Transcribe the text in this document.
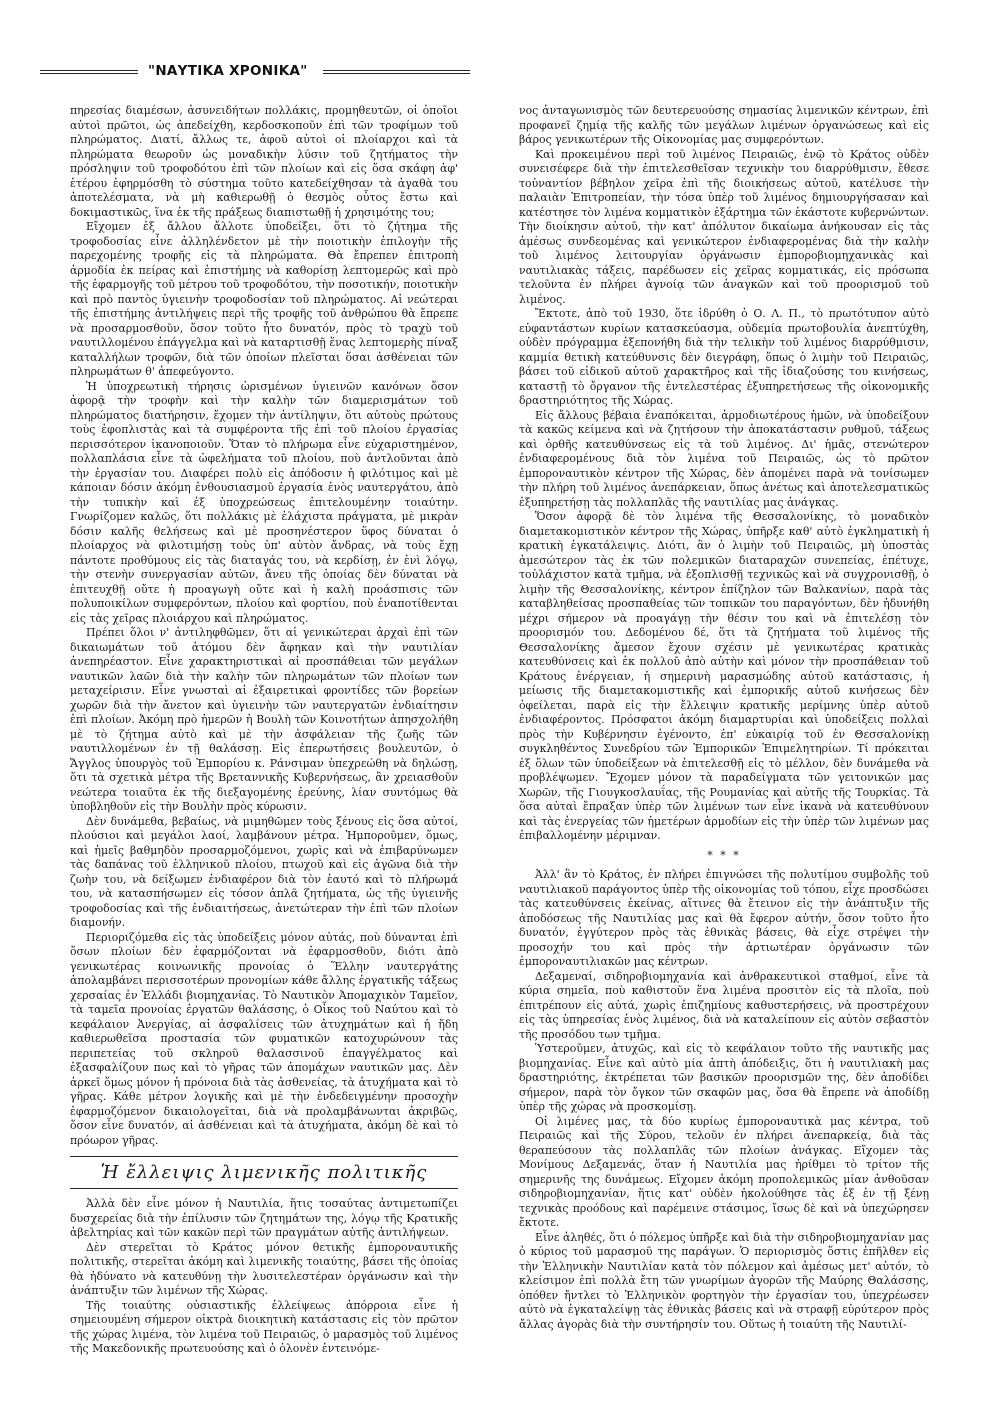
"ΝΑΥΤΙΚΑ ΧΡΟΝΙΚΑ"

πηρεσίας διαμέσων, ἀσυνειδήτων πολλάκις, προμηθευτῶν, οἱ ὁποῖοι αὐτοὶ πρῶτοι, ὡς ἀπεδείχθη, κερδοσκοποῦν ἐπὶ τῶν τροφίμων τοῦ πληρώματος. Διατί, ἄλλως τε, ἀφοῦ αὐτοὶ οἱ πλοίαρχοι καὶ τὰ πληρώματα θεωροῦν ὡς μοναδικὴν λύσιν τοῦ ζητήματος τὴν πρόσληψιν τοῦ τροφοδότου ἐπὶ τῶν πλοίων καὶ εἰς ὅσα σκάφη ἀφ' ἑτέρου ἐφηρμόσθη τὸ σύστημα τοῦτο κατεδείχθησαν τὰ ἀγαθὰ του ἀποτελέσματα, νὰ μὴ καθιερωθῇ ὁ θεσμὸς οὗτος ἔστω καὶ δοκιμαστικῶς, ἵνα ἐκ τῆς πράξεως διαπιστωθῇ ἡ χρησιμότης του;

Εἴχομεν ἐξ ἄλλου ἄλλοτε ὑποδείξει, ὅτι τὸ ζήτημα τῆς τροφοδοσίας εἶνε ἀλληλένδετον μὲ τὴν ποιοτικὴν ἐπιλογὴν τῆς παρεχομένης τροφῆς εἰς τὰ πληρώματα. Θὰ ἔπρεπεν ἐπιτροπὴ ἁρμοδία ἐκ πείρας καὶ ἐπιστήμης νὰ καθορίσῃ λεπτομερῶς καὶ πρὸ τῆς ἐφαρμογῆς τοῦ μέτρου τοῦ τροφοδότου, τὴν ποσοτικήν, ποιοτικὴν καὶ πρὸ παντὸς ὑγιεινὴν τροφοδοσίαν τοῦ πληρώματος. Αἱ νεώτεραι τῆς ἐπιστήμης ἀντιλήψεις περὶ τῆς τροφῆς τοῦ ἀνθρώπου θὰ ἔπρεπε νὰ προσαρμοσθοῦν, ὅσον τοῦτο ἦτο δυνατόν, πρὸς τὸ τραχὺ τοῦ ναυτιλλομένου ἐπάγγελμα καὶ νὰ καταρτισθῇ ἕνας λεπτομερὴς πίναξ καταλλήλων τροφῶν, διὰ τῶν ὁποίων πλεῖσται ὅσαι ἀσθένειαι τῶν πληρωμάτων θ' ἀπεφεύγοντο.

Ἡ ὑποχρεωτικὴ τήρησις ὡρισμένων ὑγιεινῶν κανόνων ὅσον ἀφορᾷ τὴν τροφὴν καὶ τὴν καλὴν τῶν διαμερισμάτων τοῦ πληρώματος διατήρησιν, ἔχομεν τὴν ἀντίληψιν, ὅτι αὐτοὺς πρώτους τοὺς ἐφοπλιστὰς καὶ τὰ συμφέροντα τῆς ἐπὶ τοῦ πλοίου ἐργασίας περισσότερον ἱκανοποιοῦν. Ὅταν τὸ πλήρωμα εἶνε εὐχαριστημένον, πολλαπλάσια εἶνε τὰ ὠφελήματα τοῦ πλοίου, ποὺ ἀντλοῦνται ἀπὸ τὴν ἐργασίαν του. Διαφέρει πολὺ εἰς ἀπόδοσιν ἡ φιλότιμος καὶ μὲ κάποιαν δόσιν ἀκόμη ἐνθουσιασμοῦ ἐργασία ἑνὸς ναυτεργάτου, ἀπὸ τὴν τυπικὴν καὶ ἐξ ὑποχρεώσεως ἐπιτελουμένην τοιαύτην. Γνωρίζομεν καλῶς, ὅτι πολλάκις μὲ ἐλάχιστα πράγματα, μὲ μικρὰν δόσιν καλῆς θελήσεως καὶ μὲ προσηνέστερον ὕφος δύναται ὁ πλοίαρχος νὰ φιλοτιμήσῃ τοὺς ὑπ' αὐτὸν ἄνδρας, νὰ τοὺς ἔχῃ πάντοτε προθύμους εἰς τὰς διαταγάς του, νὰ κερδίσῃ, ἐν ἑνὶ λόγῳ, τὴν στενὴν συνεργασίαν αὐτῶν, ἄνευ τῆς ὁποίας δὲν δύναται νὰ ἐπιτευχθῇ οὔτε ἡ προαγωγὴ οὔτε καὶ ἡ καλὴ προάσπισις τῶν πολυποικίλων συμφερόντων, πλοίου καὶ φορτίου, ποὺ ἐναποτίθενται εἰς τὰς χεῖρας πλοιάρχου καὶ πληρώματος.

Πρέπει ὅλοι ν' ἀντιληφθῶμεν, ὅτι αἱ γενικώτεραι ἀρχαὶ ἐπὶ τῶν δικαιωμάτων τοῦ ἀτόμου δὲν ἄφηκαν καὶ τὴν ναυτιλίαν ἀνεπηρέαστον. Εἶνε χαρακτηριστικαὶ αἱ προσπάθειαι τῶν μεγάλων ναυτικῶν λαῶν διὰ τὴν καλὴν τῶν πληρωμάτων τῶν πλοίων των μεταχείρισιν. Εἶνε γνωσταὶ αἱ ἐξαιρετικαὶ φροντίδες τῶν βορείων χωρῶν διὰ τὴν ἄνετον καὶ ὑγιεινὴν τῶν ναυτεργατῶν ἐνδιαίτησιν ἐπὶ πλοίων. Ἀκόμη πρὸ ἡμερῶν ἡ Βουλὴ τῶν Κοινοτήτων ἀπησχολήθη μὲ τὸ ζήτημα αὐτὸ καὶ μὲ τὴν ἀσφάλειαν τῆς ζωῆς τῶν ναυτιλλομένων ἐν τῇ θαλάσσῃ. Εἰς ἐπερωτήσεις βουλευτῶν, ὁ Ἄγγλος ὑπουργὸς τοῦ Ἐμπορίου κ. Ράνσιμαν ὑπεχρεώθη νὰ δηλώσῃ, ὅτι τὰ σχετικὰ μέτρα τῆς Βρεταννικῆς Κυβερνήσεως, ἂν χρειασθοῦν νεώτερα τοιαῦτα ἐκ τῆς διεξαγομένης ἐρεύνης, λίαν συντόμως θὰ ὑποβληθοῦν εἰς τὴν Βουλὴν πρὸς κύρωσιν.

Δὲν δυνάμεθα, βεβαίως, νὰ μιμηθῶμεν τοὺς ξένους εἰς ὅσα αὐτοί, πλούσιοι καὶ μεγάλοι λαοί, λαμβάνουν μέτρα. Ἠμποροῦμεν, ὅμως, καὶ ἡμεῖς βαθμηδὸν προσαρμοζόμενοι, χωρὶς καὶ νὰ ἐπιβαρύνωμεν τὰς δαπάνας τοῦ ἑλληνικοῦ πλοίου, πτωχοῦ καὶ εἰς ἀγῶνα διὰ τὴν ζωὴν του, νὰ δείξωμεν ἐνδιαφέρον διὰ τὸν ἑαυτό καὶ τὸ πλήρωμά του, νὰ κατασπήσωμεν εἰς τόσον ἁπλᾶ ζητήματα, ὡς τῆς ὑγιεινῆς τροφοδοσίας καὶ τῆς ἐνδιαιτήσεως, ἀνετώτεραν τὴν ἐπὶ τῶν πλοίων διαμονήν.

Περιοριζόμεθα εἰς τὰς ὑποδείξεις μόνον αὐτάς, ποὺ δύνανται ἐπὶ ὅσων πλοίων δὲν ἐφαρμόζονται νὰ ἐφαρμοσθοῦν, διότι ἀπὸ γενικωτέρας κοινωνικῆς προνοίας ὁ Ἕλλην ναυτεργάτης ἀπολαμβάνει περισσοτέρων προνομίων κάθε ἄλλης ἐργατικῆς τάξεως χερσαίας ἐν Ἑλλάδι βιομηχανίας. Τὸ Ναυτικὸν Ἀπομαχικὸν Ταμεῖον, τὰ ταμεῖα προνοίας ἐργατῶν θαλάσσης, ὁ Οἶκος τοῦ Ναύτου καὶ τὸ κεφάλαιον Ἀνεργίας, αἱ ἀσφαλίσεις τῶν ἀτυχημάτων καὶ ἡ ἤδη καθιερωθεῖσα προστασία τῶν φυματικῶν κατοχυρώνουν τὰς περιπετείας τοῦ σκληροῦ θαλασσινοῦ ἐπαγγέλματος καὶ ἐξασφαλίζουν πως καὶ τὸ γῆρας τῶν ἀπομάχων ναυτικῶν μας. Δὲν ἀρκεῖ ὅμως μόνον ἡ πρόνοια διὰ τὰς ἀσθενείας, τὰ ἀτυχήματα καὶ τὸ γῆρας. Κάθε μέτρον λογικῆς καὶ μὲ τὴν ἐνδεδειγμένην προσοχὴν ἐφαρμοζόμενον δικαιολογεῖται, διὰ νὰ προλαμβάνωνται ἀκριβῶς, ὅσον εἶνε δυνατόν, αἱ ἀσθένειαι καὶ τὰ ἀτυχήματα, ἀκόμη δὲ καὶ τὸ πρόωρον γῆρας.

Ἡ ἔλλειψις λιμενικῆς πολιτικῆς

Ἀλλὰ δὲν εἶνε μόνον ἡ Ναυτιλία, ἥτις τοσαύτας ἀντιμετωπίζει δυσχερείας διὰ τὴν ἐπίλυσιν τῶν ζητημάτων της, λόγῳ τῆς Κρατικῆς ἀβελτηρίας καὶ τῶν κακῶν περὶ τῶν πραγμάτων αὐτῆς ἀντιλήψεων.

Δὲν στερεῖται τὸ Κράτος μόνον θετικῆς ἐμποροναυτικῆς πολιτικῆς, στερεῖται ἀκόμη καὶ λιμενικῆς τοιαύτης, βάσει τῆς ὁποίας θὰ ἠδύνατο νὰ κατευθύνῃ τὴν λυσιτελεστέραν ὀργάνωσιν καὶ τὴν ἀνάπτυξιν τῶν λιμένων τῆς Χώρας.

Τῆς τοιαύτης οὐσιαστικῆς ἐλλείψεως ἀπόρροια εἶνε ἡ σημειουμένη σήμερον οἰκτρὰ διοικητικὴ κατάστασις εἰς τὸν πρῶτον τῆς χώρας λιμένα, τὸν λιμένα τοῦ Πειραιῶς, ὁ μαρασμὸς τοῦ λιμένος τῆς Μακεδονικῆς πρωτευούσης καὶ ὁ ὁλονὲν ἐντεινόμε-

νος ἀνταγωνισμὸς τῶν δευτερευούσης σημασίας λιμενικῶν κέντρων, ἐπὶ προφανεῖ ζημίᾳ τῆς καλῆς τῶν μεγάλων λιμένων ὀργανώσεως καὶ εἰς βάρος γενικωτέρων τῆς Οἰκονομίας μας συμφερόντων.

Καὶ προκειμένου περὶ τοῦ λιμένος Πειραιῶς, ἐνῷ τὸ Κράτος οὐδὲν συνεισέφερε διὰ τὴν ἐπιτελεσθεῖσαν τεχνικὴν του διαρρύθμισιν, ἔθεσε τοὐναντίον βέβηλον χεῖρα ἐπὶ τῆς διοικήσεως αὐτοῦ, κατέλυσε τὴν παλαιὰν Ἐπιτροπείαν, τὴν τόσα ὑπὲρ τοῦ λιμένος δημιουργήσασαν καὶ κατέστησε τὸν λιμένα κομματικὸν ἐξάρτημα τῶν ἑκάστοτε κυβερνώντων. Τὴν διοίκησιν αὐτοῦ, τὴν κατ' ἀπόλυτον δικαίωμα ἀνήκουσαν εἰς τὰς ἀμέσως συνδεομένας καὶ γενικώτερον ἐνδιαφερομένας διὰ τὴν καλὴν τοῦ λιμένος λειτουργίαν ὀργάνωσιν ἐμποροβιομηχανικὰς καὶ ναυτιλιακὰς τάξεις, παρέδωσεν εἰς χεῖρας κομματικάς, εἰς πρόσωπα τελοῦντα ἐν πλήρει ἀγνοίᾳ τῶν ἀναγκῶν καὶ τοῦ προορισμοῦ τοῦ λιμένος.

Ἔκτοτε, ἀπὸ τοῦ 1930, ὅτε ἱδρύθη ὁ Ο. Λ. Π., τὸ πρωτότυπον αὐτὸ εὐφαντάστων κυρίων κατασκεύασμα, οὐδεμία πρωτοβουλία ἀνεπτύχθη, οὐδὲν πρόγραμμα ἐξεπονήθη διὰ τὴν τελικὴν τοῦ λιμένος διαρρύθμισιν, καμμία θετικὴ κατεύθυνσις δὲν διεγράφη, ὅπως ὁ λιμὴν τοῦ Πειραιῶς, βάσει τοῦ εἰδικοῦ αὐτοῦ χαρακτῆρος καὶ τῆς ἰδιαζούσης του κινήσεως, καταστῇ τὸ ὄργανον τῆς ἐντελεστέρας ἐξυπηρετήσεως τῆς οἰκονομικῆς δραστηριότητος τῆς Χώρας.

Εἰς ἄλλους βέβαια ἐναπόκειται, ἁρμοδιωτέρους ἡμῶν, νὰ ὑποδείξουν τὰ κακῶς κείμενα καὶ νὰ ζητήσουν τὴν ἀποκατάστασιν ρυθμοῦ, τάξεως καὶ ὀρθῆς κατευθύνσεως εἰς τὰ τοῦ λιμένος. Δι' ἡμᾶς, στενώτερον ἐνδιαφερομένους διὰ τὸν λιμένα τοῦ Πειραιῶς, ὡς τὸ πρῶτον ἐμποροναυτικὸν κέντρον τῆς Χώρας, δὲν ἀπομένει παρὰ νὰ τονίσωμεν τὴν πλήρη τοῦ λιμένος ἀνεπάρκειαν, ὅπως ἀνέτως καὶ ἀποτελεσματικῶς ἐξυπηρετήσῃ τὰς πολλαπλᾶς τῆς ναυτιλίας μας ἀνάγκας.

Ὅσον ἀφορᾷ δὲ τὸν λιμένα τῆς Θεσσαλονίκης, τὸ μοναδικὸν διαμετακομιστικὸν κέντρον τῆς Χώρας, ὑπῆρξε καθ' αὐτὸ ἐγκληματικὴ ἡ κρατικὴ ἐγκατάλειψις. Διότι, ἂν ὁ λιμὴν τοῦ Πειραιῶς, μὴ ὑποστὰς ἀμεσώτερον τὰς ἐκ τῶν πολεμικῶν διαταραχῶν συνεπείας, ἐπέτυχε, τοὐλάχιστον κατὰ τμῆμα, νὰ ἐξοπλισθῇ τεχνικῶς καὶ νὰ συγχρονισθῇ, ὁ λιμὴν τῆς Θεσσαλονίκης, κέντρον ἐπίζηλον τῶν Βαλκανίων, παρὰ τὰς καταβληθείσας προσπαθείας τῶν τοπικῶν του παραγόντων, δὲν ἠδυνήθη μέχρι σήμερον νὰ προαγάγῃ τὴν θέσιν του καὶ νὰ ἐπιτελέσῃ τὸν προορισμόν του. Δεδομένου δέ, ὅτι τὰ ζητήματα τοῦ λιμένος τῆς Θεσσαλονίκης ἄμεσον ἔχουν σχέσιν μὲ γενικωτέρας κρατικὰς κατευθύνσεις καὶ ἐκ πολλοῦ ἀπὸ αὐτὴν καὶ μόνον τὴν προσπάθειαν τοῦ Κράτους ἐνέργειαν, ἡ σημερινὴ μαρασμώδης αὐτοῦ κατάστασις, ἡ μείωσις τῆς διαμετακομιστικῆς καὶ ἐμπορικῆς αὐτοῦ κινήσεως δὲν ὀφείλεται, παρὰ εἰς τὴν ἔλλειψιν κρατικῆς μερίμνης ὑπὲρ αὐτοῦ ἐνδιαφέροντος. Πρόσφατοι ἀκόμη διαμαρτυρίαι καὶ ὑποδείξεις πολλαὶ πρὸς τὴν Κυβέρνησιν ἐγένοντο, ἐπ' εὐκαιρίᾳ τοῦ ἐν Θεσσαλονίκῃ συγκληθέντος Συνεδρίου τῶν Ἐμπορικῶν Ἐπιμελητηρίων. Τί πρόκειται ἐξ ὅλων τῶν ὑποδείξεων νὰ ἐπιτελεσθῇ εἰς τὸ μέλλον, δὲν δυνάμεθα νὰ προβλέψωμεν. Ἔχομεν μόνον τὰ παραδείγματα τῶν γειτονικῶν μας Χωρῶν, τῆς Γιουγκοσλαυΐας, τῆς Ρουμανίας καὶ αὐτῆς τῆς Τουρκίας. Τὰ ὅσα αὐταὶ ἔπραξαν ὑπὲρ τῶν λιμένων των εἶνε ἱκανὰ νὰ κατευθύνουν καὶ τὰς ἐνεργείας τῶν ἡμετέρων ἁρμοδίων εἰς τὴν ὑπὲρ τῶν λιμένων μας ἐπιβαλλομένην μέριμναν.

* * *

Ἀλλ' ἂν τὸ Κράτος, ἐν πλήρει ἐπιγνώσει τῆς πολυτίμου συμβολῆς τοῦ ναυτιλιακοῦ παράγοντος ὑπὲρ τῆς οἰκονομίας τοῦ τόπου, εἶχε προσδώσει τὰς κατευθύνσεις ἐκείνας, αἵτινες θὰ ἔτεινον εἰς τὴν ἀνάπτυξιν τῆς ἀποδόσεως τῆς Ναυτιλίας μας καὶ θὰ ἔφερον αὐτήν, ὅσον τοῦτο ἦτο δυνατόν, ἐγγύτερον πρὸς τὰς ἐθνικὰς βάσεις, θὰ εἶχε στρέψει τὴν προσοχήν του καὶ πρὸς τὴν ἀρτιωτέραν ὀργάνωσιν τῶν ἐμποροναυτιλιακῶν μας κέντρων.

Δεξαμεναί, σιδηροβιομηχανία καὶ ἀνθρακευτικοὶ σταθμοί, εἶνε τὰ κύρια σημεῖα, ποὺ καθιστοῦν ἕνα λιμένα προσιτὸν εἰς τὰ πλοῖα, ποὺ ἐπιτρέπουν εἰς αὐτά, χωρὶς ἐπιζημίους καθυστερήσεις, νὰ προστρέχουν εἰς τὰς ὑπηρεσίας ἑνὸς λιμένος, διὰ νὰ καταλείπουν εἰς αὐτὸν σεβαστὸν τῆς προσόδου των τμῆμα.

Ὑστεροῦμεν, ἀτυχῶς, καὶ εἰς τὸ κεφάλαιον τοῦτο τῆς ναυτικῆς μας βιομηχανίας. Εἶνε καὶ αὐτὸ μία ἀπτὴ ἀπόδειξις, ὅτι ἡ ναυτιλιακὴ μας δραστηριότης, ἐκτρέπεται τῶν βασικῶν προορισμῶν της, δὲν ἀποδίδει σήμερον, παρὰ τὸν ὄγκον τῶν σκαφῶν μας, ὅσα θὰ ἔπρεπε νὰ ἀποδίδῃ ὑπὲρ τῆς χώρας νὰ προσκομίσῃ.

Οἱ λιμένες μας, τὰ δύο κυρίως ἐμποροναυτικὰ μας κέντρα, τοῦ Πειραιῶς καὶ τῆς Σύρου, τελοῦν ἐν πλήρει ἀνεπαρκείᾳ, διὰ τὰς θεραπεύσουν τὰς πολλαπλᾶς τῶν πλοίων ἀνάγκας. Εἴχομεν τὰς Μονίμους Δεξαμενάς, ὅταν ἡ Ναυτιλία μας ἠρίθμει τὸ τρίτον τῆς σημερινῆς της δυνάμεως. Εἴχομεν ἀκόμη προπολεμικῶς μίαν ἀνθοῦσαν σιδηροβιομηχανίαν, ἥτις κατ' οὐδὲν ἠκολούθησε τὰς ἐξ ἐν τῇ ξένῃ τεχνικὰς προόδους καὶ παρέμεινε στάσιμος, ἴσως δὲ καὶ νὰ ὑπεχώρησεν ἔκτοτε.

Εἶνε ἀληθές, ὅτι ὁ πόλεμος ὑπῆρξε καὶ διὰ τὴν σιδηροβιομηχανίαν μας ὁ κύριος τοῦ μαρασμοῦ της παράγων. Ὁ περιορισμὸς ὅστις ἐπῆλθεν εἰς τὴν Ἑλληνικὴν Ναυτιλίαν κατὰ τὸν πόλεμον καὶ ἀμέσως μετ' αὐτόν, τὸ κλείσιμον ἐπὶ πολλὰ ἔτη τῶν γνωρίμων ἀγορῶν τῆς Μαύρης Θαλάσσης, ὁπόθεν ἤντλει τὸ Ἑλληνικὸν φορτηγὸν τὴν ἐργασίαν του, ὑπεχρέωσεν αὐτὸ νὰ ἐγκαταλείψῃ τὰς ἐθνικὰς βάσεις καὶ νὰ στραφῇ εὐρύτερον πρὸς ἄλλας ἀγορὰς διὰ τὴν συντήρησίν του. Οὕτως ἡ τοιαύτη τῆς Ναυτιλί-
